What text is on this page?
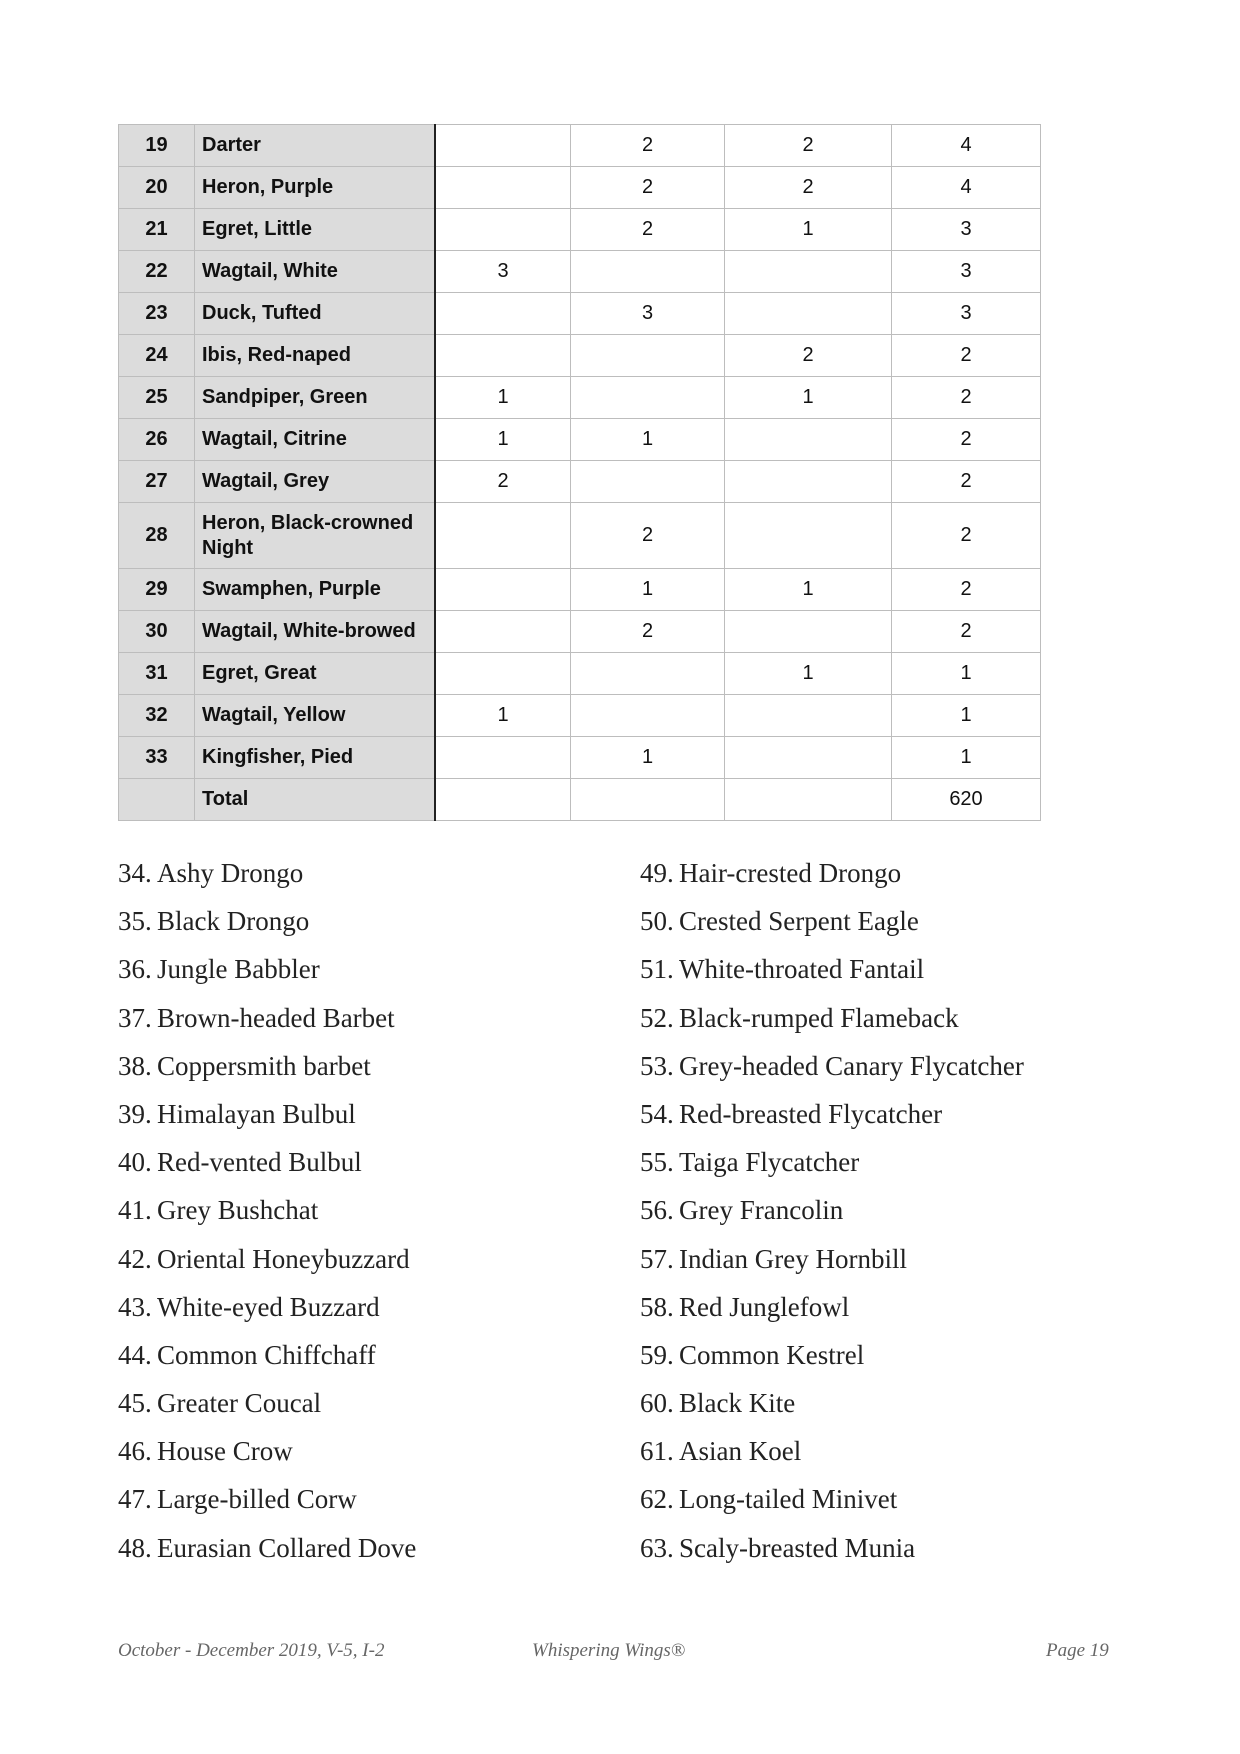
19	Darter		2	2	4
20	Heron, Purple		2	2	4
21	Egret, Little		2	1	3
22	Wagtail, White	3			3
23	Duck, Tufted		3		3
24	Ibis, Red-naped			2	2
25	Sandpiper, Green	1		1	2
26	Wagtail, Citrine	1	1		2
27	Wagtail, Grey	2			2
28	Heron, Black-crowned Night		2		2
29	Swamphen, Purple		1	1	2
30	Wagtail, White-browed		2		2
31	Egret, Great			1	1
32	Wagtail, Yellow	1			1
33	Kingfisher, Pied		1		1
	Total				620
34. Ashy Drongo
35. Black Drongo
36. Jungle Babbler
37. Brown-headed Barbet
38. Coppersmith barbet
39. Himalayan Bulbul
40. Red-vented Bulbul
41. Grey Bushchat
42. Oriental Honeybuzzard
43. White-eyed Buzzard
44. Common Chiffchaff
45. Greater Coucal
46. House Crow
47. Large-billed Corw
48. Eurasian Collared Dove
49. Hair-crested Drongo
50. Crested Serpent Eagle
51. White-throated Fantail
52. Black-rumped Flameback
53. Grey-headed Canary Flycatcher
54. Red-breasted Flycatcher
55. Taiga Flycatcher
56. Grey Francolin
57. Indian Grey Hornbill
58. Red Junglefowl
59. Common Kestrel
60. Black Kite
61. Asian Koel
62. Long-tailed Minivet
63. Scaly-breasted Munia
October - December 2019, V-5, I-2	Whispering Wings®	Page 19
